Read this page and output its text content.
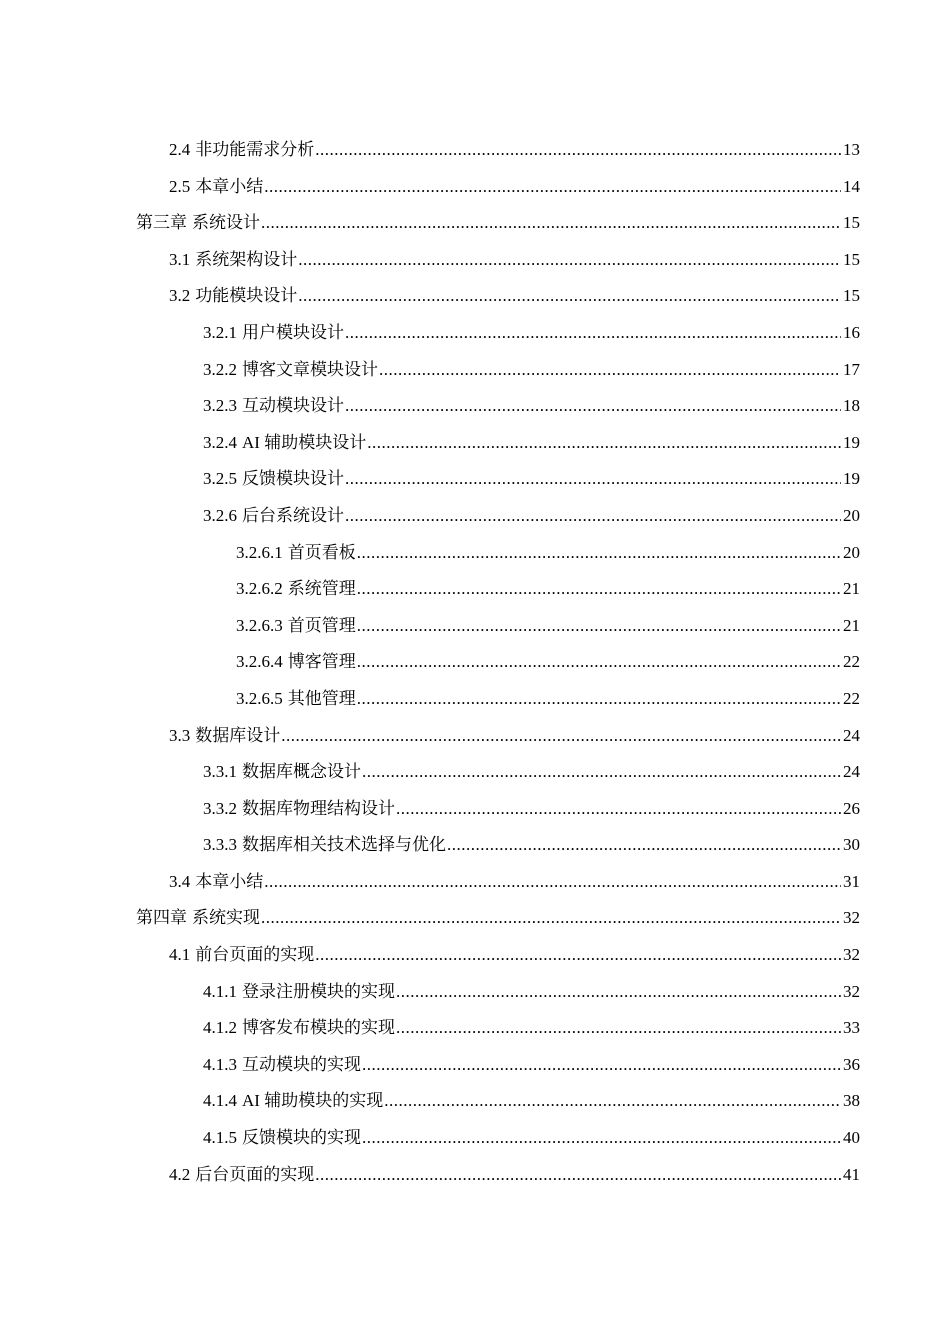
2.4 非功能需求分析 .....	13
2.5 本章小结 .....	14
第三章 系统设计 .....	15
3.1 系统架构设计 .....	15
3.2 功能模块设计 .....	15
3.2.1 用户模块设计 .....	16
3.2.2 博客文章模块设计 .....	17
3.2.3 互动模块设计 .....	18
3.2.4 AI 辅助模块设计 .....	19
3.2.5 反馈模块设计 .....	19
3.2.6 后台系统设计 .....	20
3.2.6.1 首页看板 .....	20
3.2.6.2 系统管理 .....	21
3.2.6.3 首页管理 .....	21
3.2.6.4 博客管理 .....	22
3.2.6.5 其他管理 .....	22
3.3 数据库设计 .....	24
3.3.1 数据库概念设计 .....	24
3.3.2 数据库物理结构设计 .....	26
3.3.3 数据库相关技术选择与优化 .....	30
3.4 本章小结 .....	31
第四章 系统实现 .....	32
4.1 前台页面的实现 .....	32
4.1.1 登录注册模块的实现 .....	32
4.1.2 博客发布模块的实现 .....	33
4.1.3 互动模块的实现 .....	36
4.1.4 AI 辅助模块的实现 .....	38
4.1.5 反馈模块的实现 .....	40
4.2 后台页面的实现 .....	41
